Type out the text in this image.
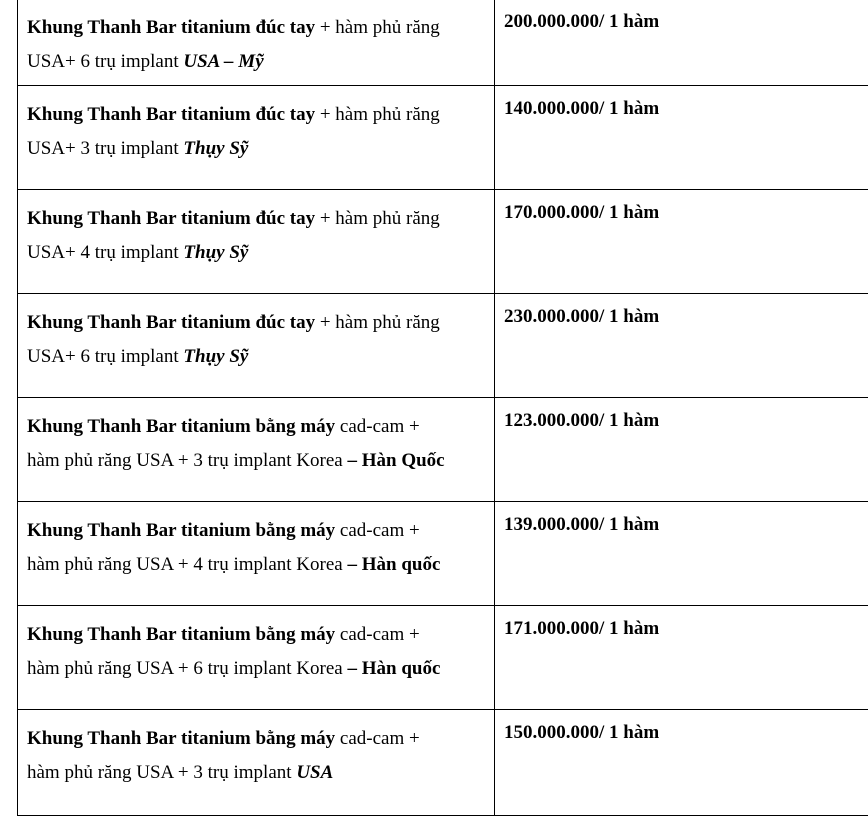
Khung Thanh Bar titanium đúc tay + hàm phủ răng
USA+ 6 trụ implant USA – Mỹ	200.000.000/ 1 hàm
Khung Thanh Bar titanium đúc tay + hàm phủ răng
USA+ 3 trụ implant Thụy Sỹ	140.000.000/ 1 hàm
Khung Thanh Bar titanium đúc tay + hàm phủ răng
USA+ 4 trụ implant Thụy Sỹ	170.000.000/ 1 hàm
Khung Thanh Bar titanium đúc tay + hàm phủ răng
USA+ 6 trụ implant Thụy Sỹ	230.000.000/ 1 hàm
Khung Thanh Bar titanium bằng máy cad-cam +
hàm phủ răng USA + 3 trụ implant Korea – Hàn Quốc	123.000.000/ 1 hàm
Khung Thanh Bar titanium bằng máy cad-cam +
hàm phủ răng USA + 4 trụ implant Korea – Hàn quốc	139.000.000/ 1 hàm
Khung Thanh Bar titanium bằng máy cad-cam +
hàm phủ răng USA + 6 trụ implant Korea – Hàn quốc	171.000.000/ 1 hàm
Khung Thanh Bar titanium bằng máy cad-cam +
hàm phủ răng USA + 3 trụ implant USA	150.000.000/ 1 hàm
